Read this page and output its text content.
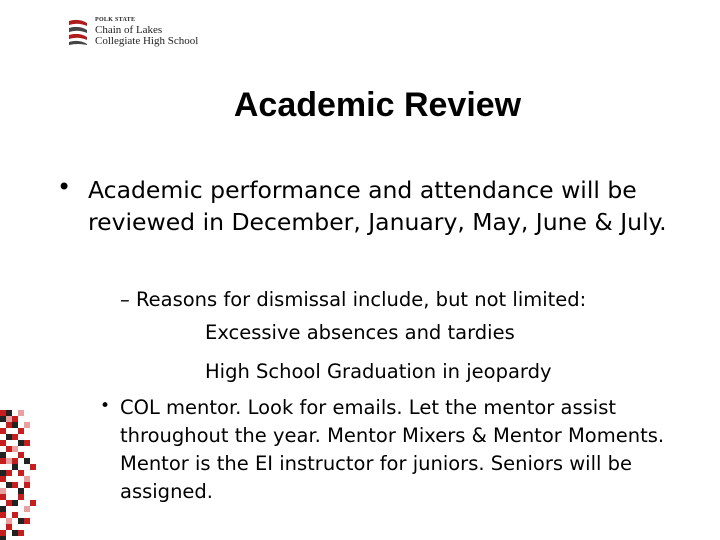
POLK STATE
Chain of Lakes
Collegiate High School
Academic Review
• Academic performance and attendance will be reviewed in December, January, May, June & July.
– Reasons for dismissal include, but not limited:
Excessive absences and tardies
High School Graduation in jeopardy
• COL mentor. Look for emails. Let the mentor assist throughout the year. Mentor Mixers & Mentor Moments. Mentor is the EI instructor for juniors. Seniors will be assigned.
